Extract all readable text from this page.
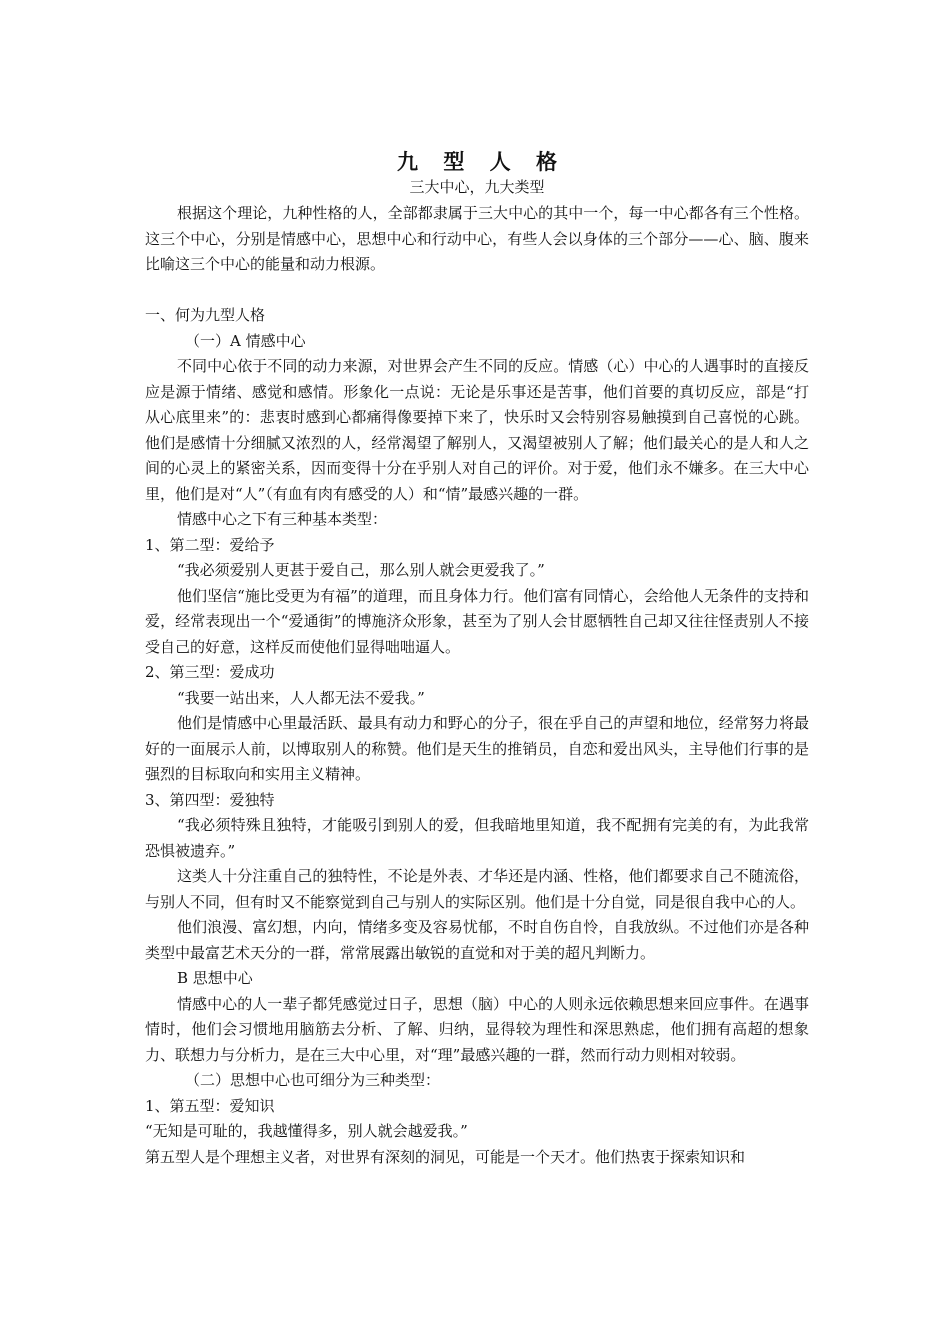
九 型 人 格

三大中心，九大类型

根据这个理论，九种性格的人，全部都隶属于三大中心的其中一个，每一中心都各有三个性格。这三个中心，分别是情感中心，思想中心和行动中心，有些人会以身体的三个部分——心、脑、腹来比喻这三个中心的能量和动力根源。

一、何为九型人格

（一）A 情感中心

不同中心依于不同的动力来源，对世界会产生不同的反应。情感（心）中心的人遇事时的直接反应是源于情绪、感觉和感情。形象化一点说：无论是乐事还是苦事，他们首要的真切反应，部是“打从心底里来”的：悲衷时感到心都痛得像要掉下来了，快乐时又会特别容易触摸到自己喜悦的心跳。他们是感情十分细腻又浓烈的人，经常渴望了解别人，又渴望被别人了解；他们最关心的是人和人之间的心灵上的紧密关系，因而变得十分在乎别人对自己的评价。对于爱，他们永不嫌多。在三大中心里，他们是对“人”（有血有肉有感受的人）和“情”最感兴趣的一群。

情感中心之下有三种基本类型：

1、第二型：爱给予

“我必须爱别人更甚于爱自己，那么别人就会更爱我了。”

他们坚信“施比受更为有福”的道理，而且身体力行。他们富有同情心，会给他人无条件的支持和爱，经常表现出一个“爱通街”的博施济众形象，甚至为了别人会甘愿牺牲自己却又往往怪责别人不接受自己的好意，这样反而使他们显得咄咄逼人。

2、第三型：爱成功

“我要一站出来，人人都无法不爱我。”

他们是情感中心里最活跃、最具有动力和野心的分子，很在乎自己的声望和地位，经常努力将最好的一面展示人前，以博取别人的称赞。他们是天生的推销员，自恋和爱出风头，主导他们行事的是强烈的目标取向和实用主义精神。

3、第四型：爱独特

“我必须特殊且独特，才能吸引到别人的爱，但我暗地里知道，我不配拥有完美的有，为此我常恐惧被遗弃。”

这类人十分注重自己的独特性，不论是外表、才华还是内涵、性格，他们都要求自己不随流俗，与别人不同，但有时又不能察觉到自己与别人的实际区别。他们是十分自觉，同是很自我中心的人。

他们浪漫、富幻想，内向，情绪多变及容易忧郁，不时自伤自怜，自我放纵。不过他们亦是各种类型中最富艺术天分的一群，常常展露出敏锐的直觉和对于美的超凡判断力。

B 思想中心

情感中心的人一辈子都凭感觉过日子，思想（脑）中心的人则永远依赖思想来回应事件。在遇事情时，他们会习惯地用脑筋去分析、了解、归纳，显得较为理性和深思熟虑，他们拥有高超的想象力、联想力与分析力，是在三大中心里，对“理”最感兴趣的一群，然而行动力则相对较弱。

（二）思想中心也可细分为三种类型：

1、第五型：爱知识

“无知是可耻的，我越懂得多，别人就会越爱我。”

第五型人是个理想主义者，对世界有深刻的洞见，可能是一个天才。他们热衷于探索知识和
